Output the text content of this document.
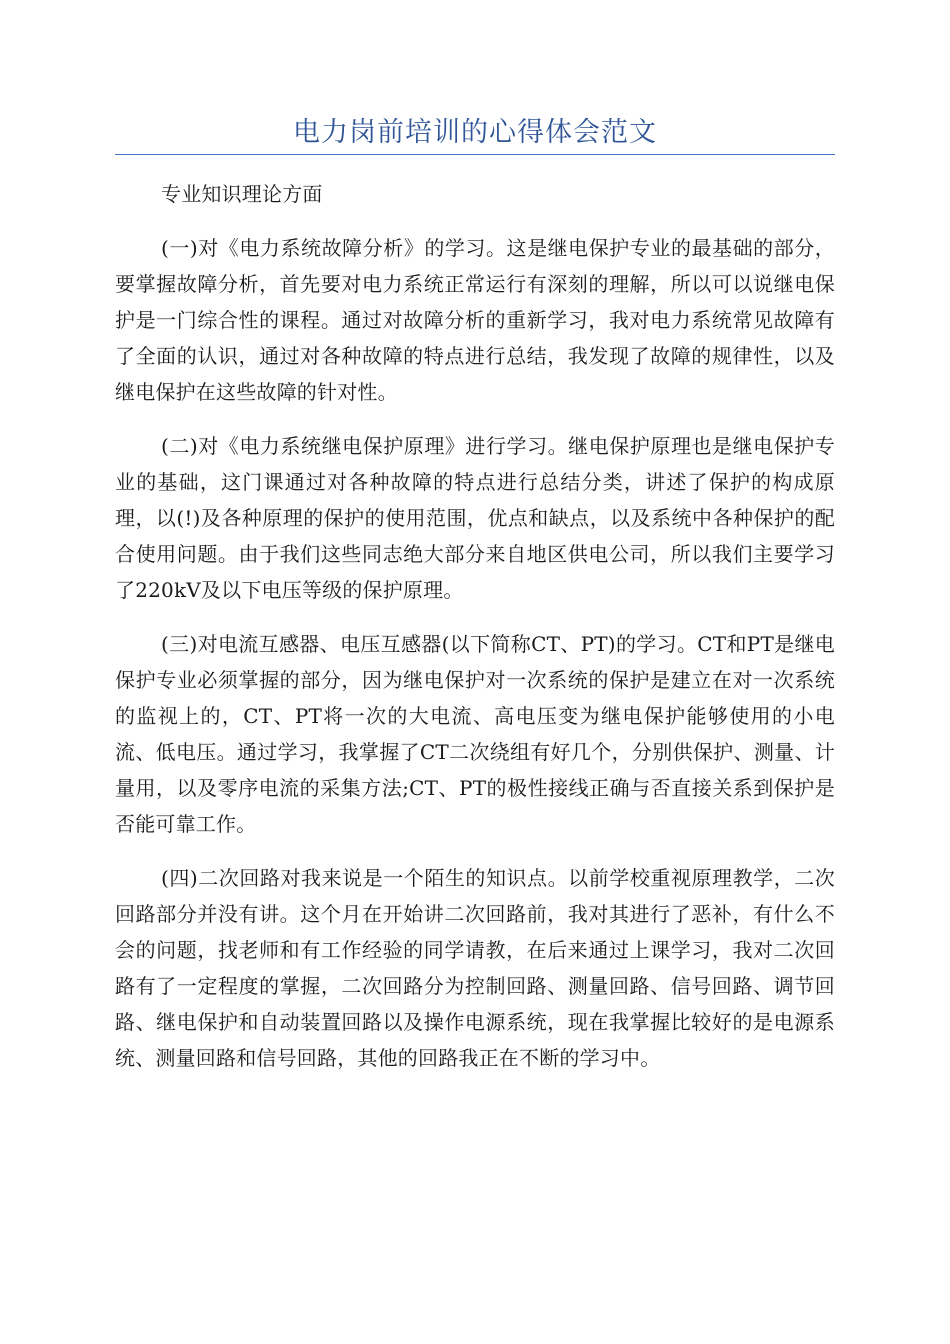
电力岗前培训的心得体会范文

专业知识理论方面

(一)对《电力系统故障分析》的学习。这是继电保护专业的最基础的部分，要掌握故障分析，首先要对电力系统正常运行有深刻的理解，所以可以说继电保护是一门综合性的课程。通过对故障分析的重新学习，我对电力系统常见故障有了全面的认识，通过对各种故障的特点进行总结，我发现了故障的规律性，以及继电保护在这些故障的针对性。

(二)对《电力系统继电保护原理》进行学习。继电保护原理也是继电保护专业的基础，这门课通过对各种故障的特点进行总结分类，讲述了保护的构成原理，以(!)及各种原理的保护的使用范围，优点和缺点，以及系统中各种保护的配合使用问题。由于我们这些同志绝大部分来自地区供电公司，所以我们主要学习了220kV及以下电压等级的保护原理。

(三)对电流互感器、电压互感器(以下简称CT、PT)的学习。CT和PT是继电保护专业必须掌握的部分，因为继电保护对一次系统的保护是建立在对一次系统的监视上的，CT、PT将一次的大电流、高电压变为继电保护能够使用的小电流、低电压。通过学习，我掌握了CT二次绕组有好几个，分别供保护、测量、计量用，以及零序电流的采集方法;CT、PT的极性接线正确与否直接关系到保护是否能可靠工作。

(四)二次回路对我来说是一个陌生的知识点。以前学校重视原理教学，二次回路部分并没有讲。这个月在开始讲二次回路前，我对其进行了恶补，有什么不会的问题，找老师和有工作经验的同学请教，在后来通过上课学习，我对二次回路有了一定程度的掌握，二次回路分为控制回路、测量回路、信号回路、调节回路、继电保护和自动装置回路以及操作电源系统，现在我掌握比较好的是电源系统、测量回路和信号回路，其他的回路我正在不断的学习中。
